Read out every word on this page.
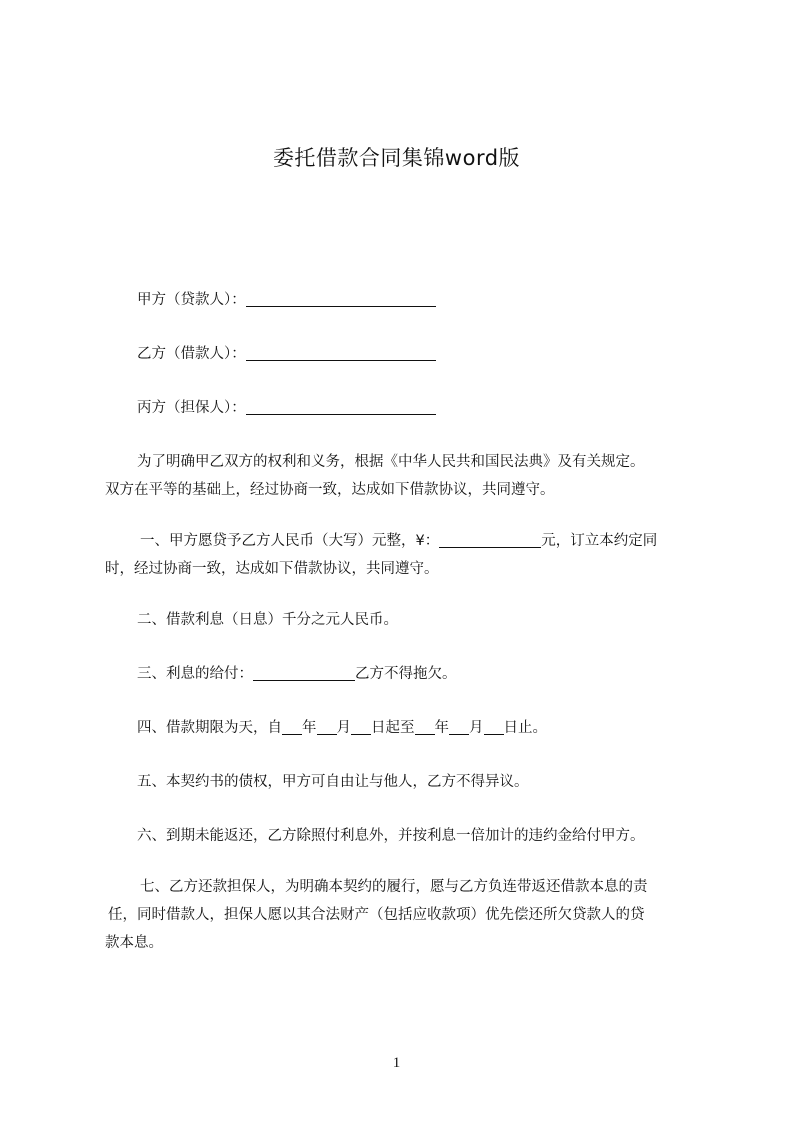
委托借款合同集锦word版
甲方（贷款人）：
乙方（借款人）：
丙方（担保人）：
为了明确甲乙双方的权利和义务，根据《中华人民共和国民法典》及有关规定。
双方在平等的基础上，经过协商一致，达成如下借款协议，共同遵守。
一、甲方愿贷予乙方人民币（大写）元整，¥：	元，订立本约定同
时，经过协商一致，达成如下借款协议，共同遵守。
二、借款利息（日息）千分之元人民币。
三、利息的给付：	乙方不得拖欠。
四、借款期限为天，自 年 月 日起至 年 月 日止。
五、本契约书的债权，甲方可自由让与他人，乙方不得异议。
六、到期未能返还，乙方除照付利息外，并按利息一倍加计的违约金给付甲方。
七、乙方还款担保人，为明确本契约的履行，愿与乙方负连带返还借款本息的责
任，同时借款人，担保人愿以其合法财产（包括应收款项）优先偿还所欠贷款人的贷
款本息。
1
